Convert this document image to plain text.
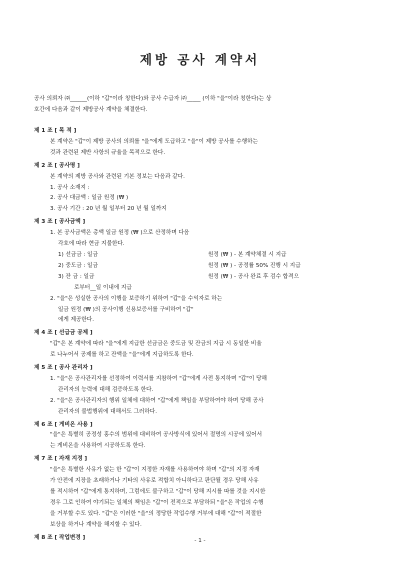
제방 공사 계약서

공사 의뢰자 ㈜______(이하 "갑"이라 칭한다)와 공사 수급자 ㈜_____ (이하 "을"이라 칭한다)는 상

호간에 다음과 같이 제방공사 계약을 체결한다.

제 1 조 [ 목 적 ]

본 계약은 "갑"이 제방 공사의 의뢰를 "을"에게 도급하고 "을"이 제방 공사를 수행하는

것과 관련된 제반 사항의 규율을 목적으로 한다.

제 2 조 [ 공사명 ]

본 계약의 제방 공사와 관련된 기본 정보는 다음과 같다.

1. 공사 소재지 :

2. 공사 대금액 : 일금 원정 (₩ )

3. 공사 기간 : 20 년 월 일부터 20 년 월 일까지

제 3 조 [ 공사금액 ]

1. 본 공사금액은 총액 일금 원정 (₩ )으로 산정하며 다음

각호에 따라 현금 지불한다.

1) 선금금 : 일금	원정 (₩ ) - 본 계약체결 시 지급
2) 중도금 : 일금	원정 (₩ ) - 공정률 50% 진행 시 지급
3) 잔 금 : 일금	원정 (₩ ) - 공사 완료 후 검수 합격으

로부터__일 이내에 지급

2. "을"은 성실한 공사의 이행을 보증하기 위하여 "갑"을 수익자로 하는

일금 원정 (₩ )의 공사이행 신용보증서를 구비하여 "갑"

에게 제공한다.

제 4 조 [ 선급금 공제 ]

"갑"은 본 계약에 따라 "을"에게 지급한 선금금은 중도금 및 잔금의 지급 시 동일한 비율

로 나누어서 공제를 하고 잔액을 "을"에게 지급하도록 한다.

제 5 조 [ 공사 관리자 ]

1. "을"은 공사관리자를 선정하여 이력서를 지참하여 "갑"에게 사전 통지하며 "갑"이 당해

관리자의 능력에 대해 검증하도록 한다.

2. "을"은 공사관리자의 행위 일체에 대하여 "갑"에게 책임을 부담하여야 하며 당해 공사

관리자의 불법행위에 대해서도 그러하다.

제 6 조 [ 게비온 사용 ]

"을"은 특별히 공정성 홍수의 범위에 대비하여 공사방식에 있어서 절명의 시공에 있어서

는 게비온을 사용하여 시공하도록 한다.

제 7 조 [ 자재 지정 ]

"을"은 특별한 사유가 없는 한 "갑"이 지정한 자재를 사용하여야 하며 "갑"의 지정 자재

가 안전에 지장을 초래하거나 기타의 사유로 적합치 아니하다고 판단될 경우 당해 사유

를 적시하여 "갑"에게 통지하며, 그럼에도 불구하고 "갑"이 당해 지시를 따를 것을 지시한

경우 그로 인하여 야기되는 일체의 책임은 "갑"이 전적으로 부담하되 "을"은 작업의 수행

을 거부할 수도 있다. "갑"은 이러한 "을"의 정당한 작업수행 거부에 대해 "갑"이 적절한

보상을 하거나 계약을 해지할 수 있다.

제 8 조 [ 작업변경 ]
- 1 -
